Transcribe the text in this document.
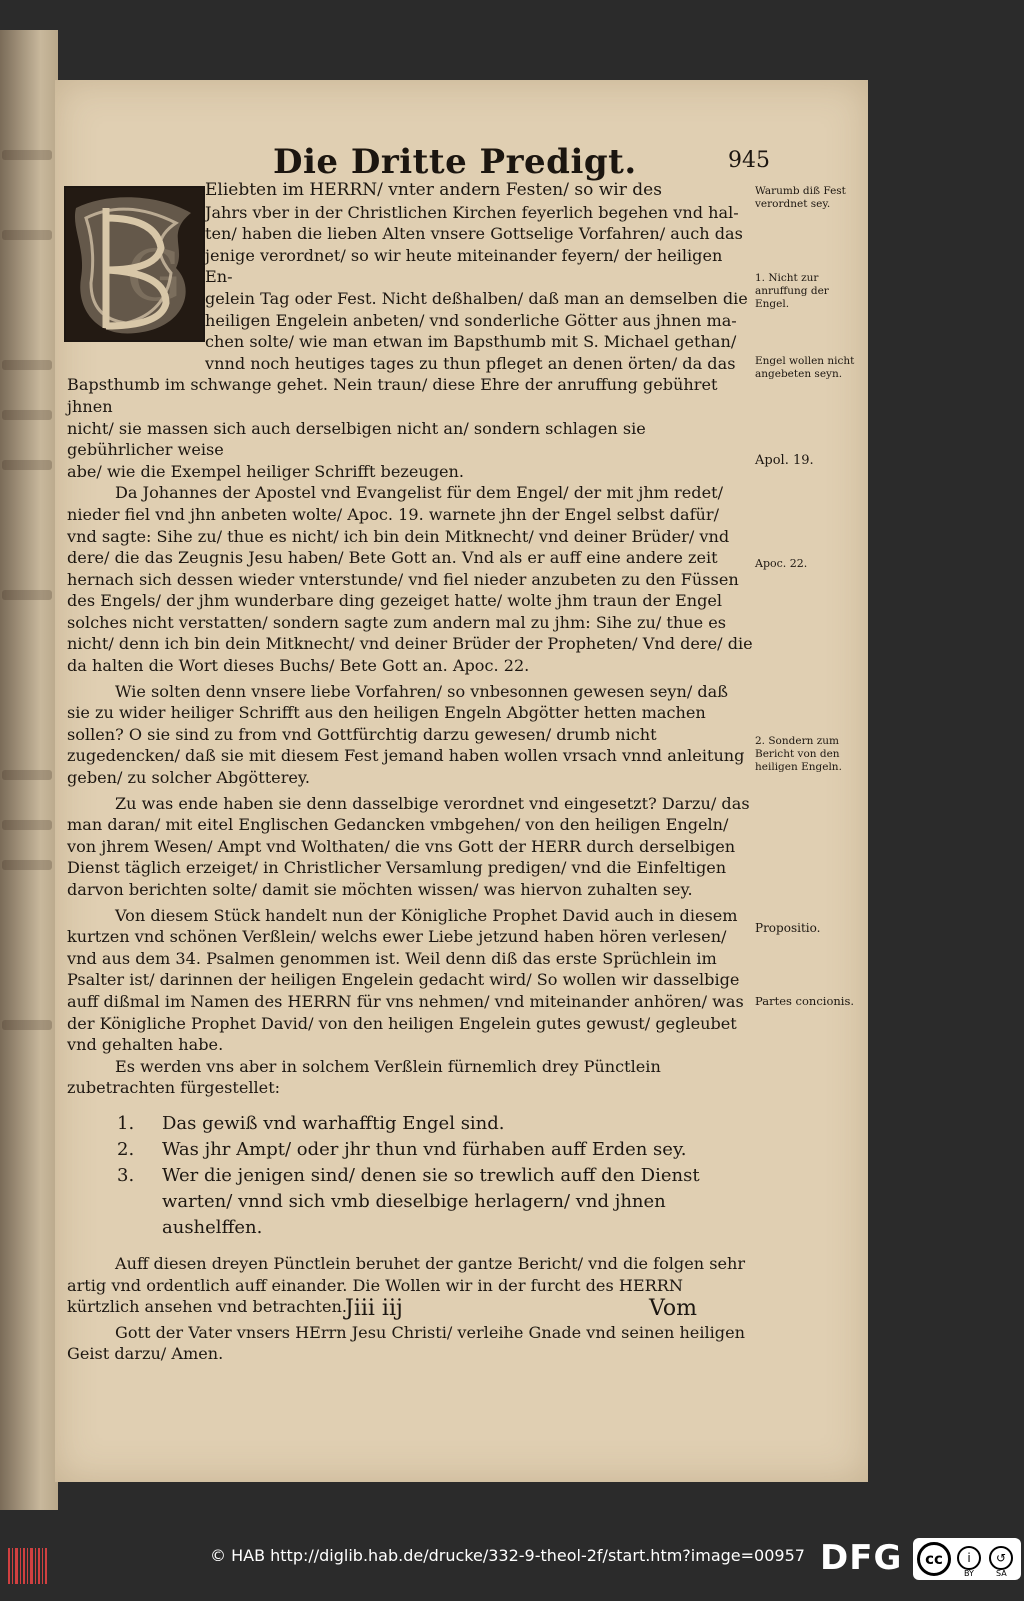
Die Dritte Predigt.	945
G
Eliebten im HERRN/ vnter andern Festen/ so wir des
Jahrs vber in der Christlichen Kirchen feyerlich begehen vnd hal-
ten/ haben die lieben Alten vnsere Gottselige Vorfahren/ auch das
jenige verordnet/ so wir heute miteinander feyern/ der heiligen En-
gelein Tag oder Fest. Nicht deßhalben/ daß man an demselben die
heiligen Engelein anbeten/ vnd sonderliche Götter aus jhnen ma-
chen solte/ wie man etwan im Bapsthumb mit S. Michael gethan/
vnnd noch heutiges tages zu thun pfleget an denen örten/ da das
Bapsthumb im schwange gehet. Nein traun/ diese Ehre der anruffung gebühret jhnen
nicht/ sie massen sich auch derselbigen nicht an/ sondern schlagen sie gebührlicher weise
abe/ wie die Exempel heiliger Schrifft bezeugen.

Da Johannes der Apostel vnd Evangelist für dem Engel/ der mit jhm redet/ nieder fiel vnd jhn anbeten wolte/ Apoc. 19. warnete jhn der Engel selbst dafür/ vnd sagte: Sihe zu/ thue es nicht/ ich bin dein Mitknecht/ vnd deiner Brüder/ vnd dere/ die das Zeugnis Jesu haben/ Bete Gott an. Vnd als er auff eine andere zeit hernach sich dessen wieder vnterstunde/ vnd fiel nieder anzubeten zu den Füssen des Engels/ der jhm wunderbare ding gezeiget hatte/ wolte jhm traun der Engel solches nicht verstatten/ sondern sagte zum andern mal zu jhm: Sihe zu/ thue es nicht/ denn ich bin dein Mitknecht/ vnd deiner Brüder der Propheten/ Vnd dere/ die da halten die Wort dieses Buchs/ Bete Gott an. Apoc. 22.

Wie solten denn vnsere liebe Vorfahren/ so vnbesonnen gewesen seyn/ daß sie zu wider heiliger Schrifft aus den heiligen Engeln Abgötter hetten machen sollen? O sie sind zu from vnd Gottfürchtig darzu gewesen/ drumb nicht zugedencken/ daß sie mit diesem Fest jemand haben wollen vrsach vnnd anleitung geben/ zu solcher Abgötterey.

Zu was ende haben sie denn dasselbige verordnet vnd eingesetzt? Darzu/ das man daran/ mit eitel Englischen Gedancken vmbgehen/ von den heiligen Engeln/ von jhrem Wesen/ Ampt vnd Wolthaten/ die vns Gott der HERR durch derselbigen Dienst täglich erzeiget/ in Christlicher Versamlung predigen/ vnd die Einfeltigen darvon berichten solte/ damit sie möchten wissen/ was hiervon zuhalten sey.

Von diesem Stück handelt nun der Königliche Prophet David auch in diesem kurtzen vnd schönen Verßlein/ welchs ewer Liebe jetzund haben hören verlesen/ vnd aus dem 34. Psalmen genommen ist. Weil denn diß das erste Sprüchlein im Psalter ist/ darinnen der heiligen Engelein gedacht wird/ So wollen wir dasselbige auff dißmal im Namen des HERRN für vns nehmen/ vnd miteinander anhören/ was der Königliche Prophet David/ von den heiligen Engelein gutes gewust/ gegleubet vnd gehalten habe.

Es werden vns aber in solchem Verßlein fürnemlich drey Pünctlein zubetrachten fürgestellet:

1.	Das gewiß vnd warhafftig Engel sind.
2.	Was jhr Ampt/ oder jhr thun vnd fürhaben auff Erden sey.
3.	Wer die jenigen sind/ denen sie so trewlich auff den Dienst warten/ vnnd sich vmb dieselbige herlagern/ vnd jhnen aushelffen.

Auff diesen dreyen Pünctlein beruhet der gantze Bericht/ vnd die folgen sehr artig vnd ordentlich auff einander. Die Wollen wir in der furcht des HERRN kürtzlich ansehen vnd betrachten.

Gott der Vater vnsers HErrn Jesu Christi/ verleihe Gnade vnd seinen heiligen Geist darzu/ Amen.

Warumb diß Fest verordnet sey.
1. Nicht zur anruffung der Engel.
Engel wollen nicht angebeten seyn.
Apol. 19.
Apoc. 22.
2. Sondern zum Bericht von den heiligen Engeln.
Propositio.
Partes concionis.
Jiii iij	Vom
© HAB http://diglib.hab.de/drucke/332-9-theol-2f/start.htm?image=00957 DFG	cc	i	↺
BY	SA
